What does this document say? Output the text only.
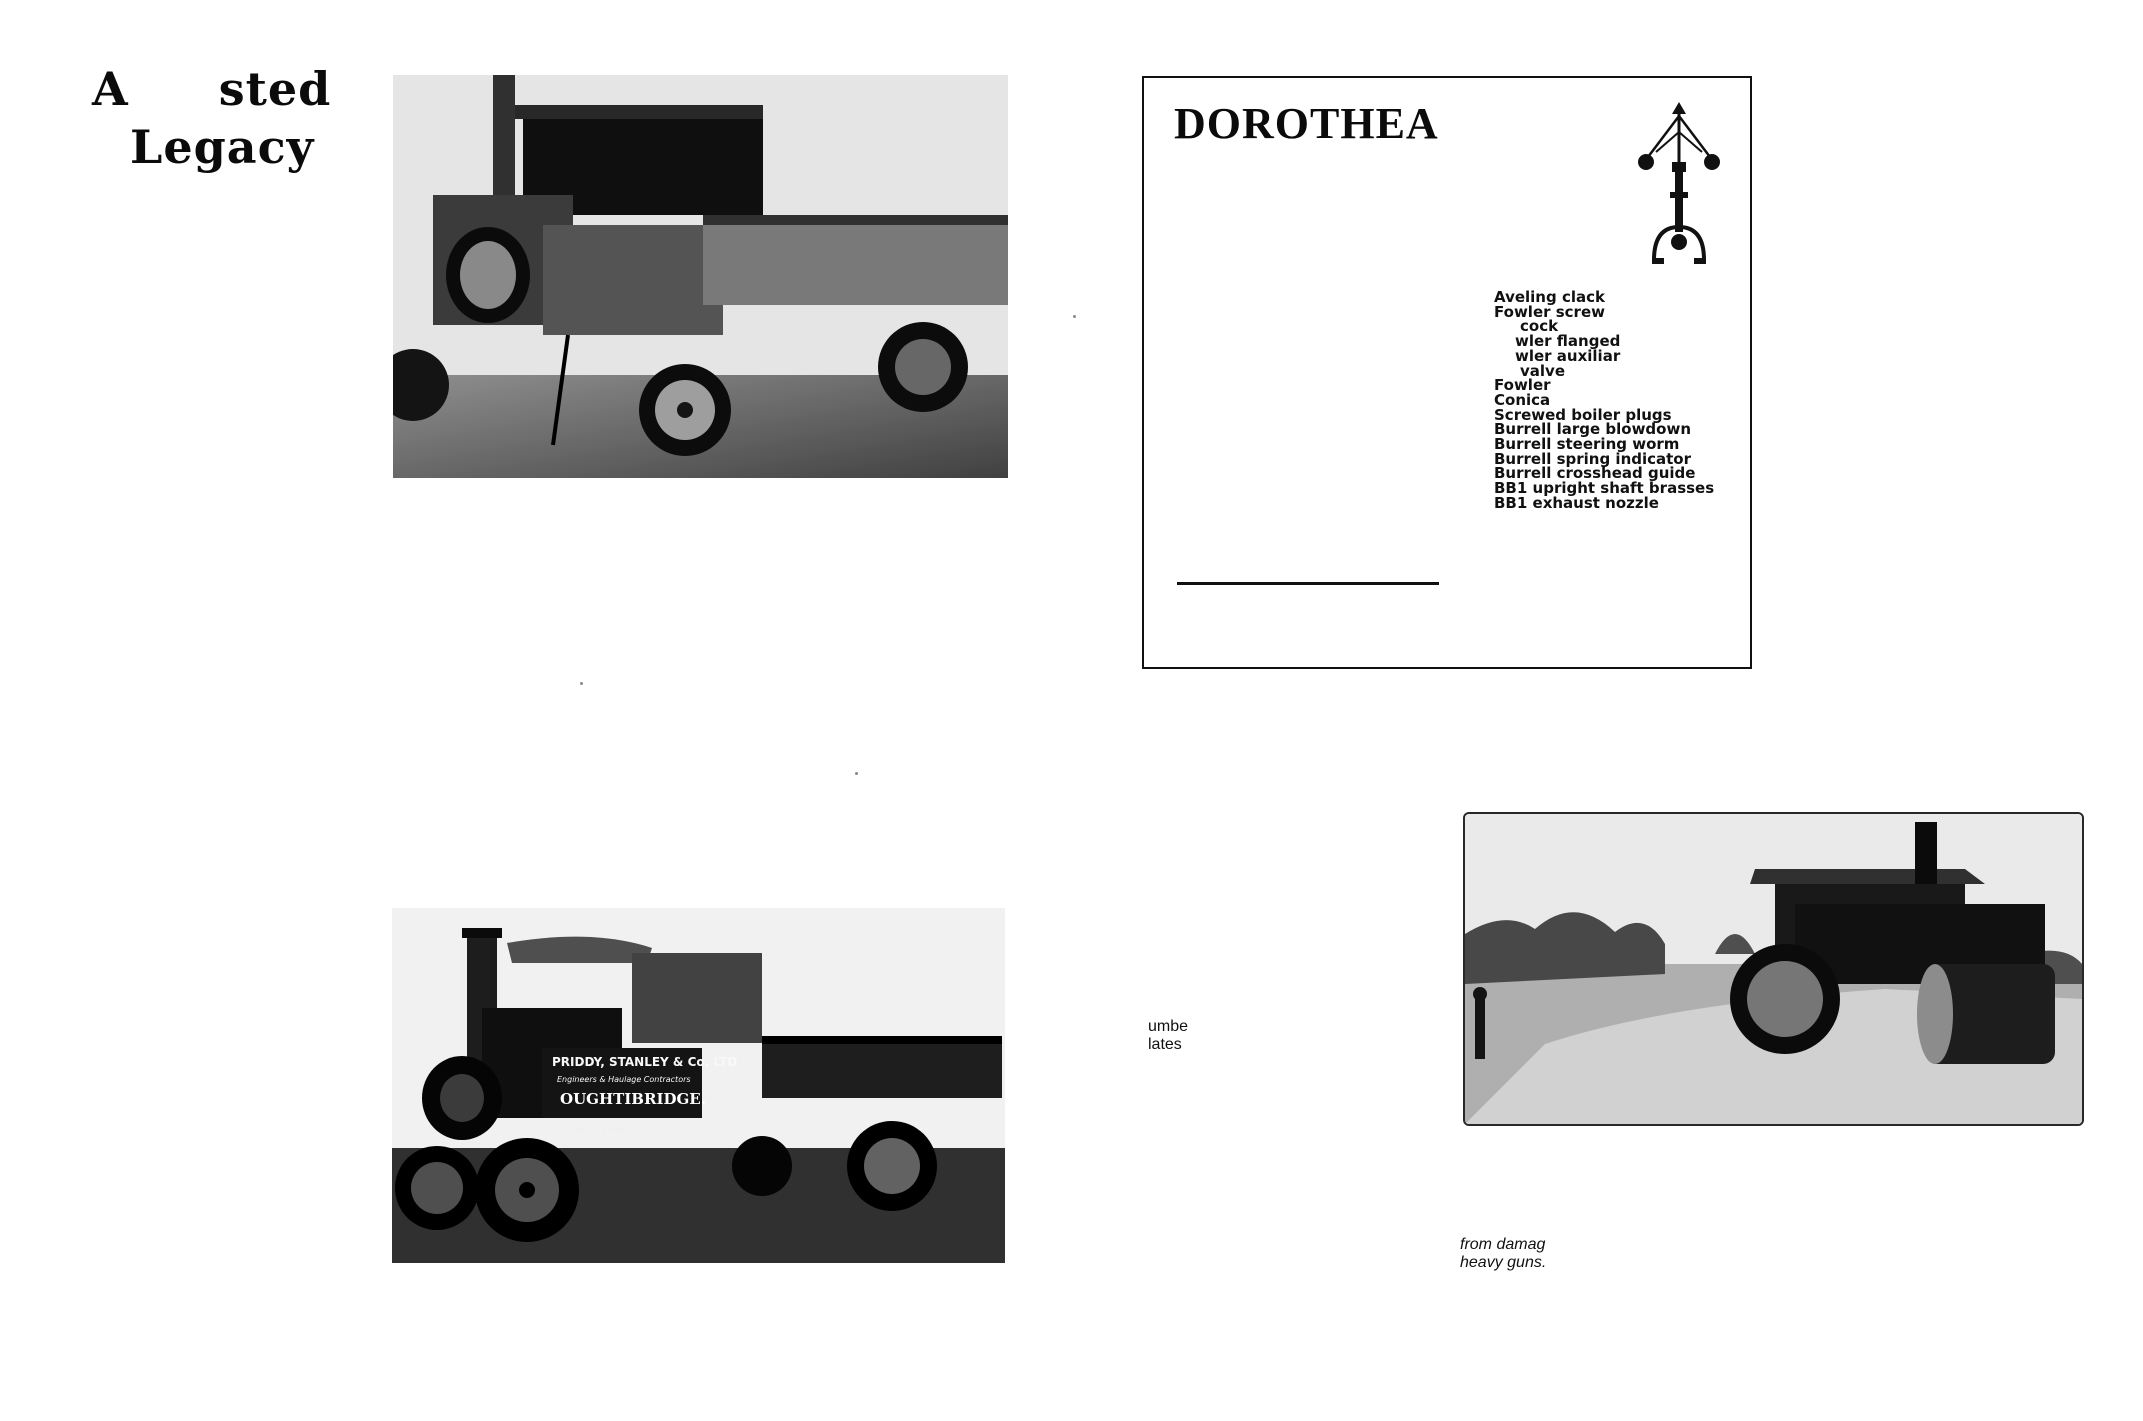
A sted
Legacy	DOROTHEA
Aveling clack
Fowler screw
cock
wler flanged
wler auxiliar
valve
Fowler
Conica
Screwed boiler plugs
Burrell large blowdown
Burrell steering worm
Burrell spring indicator
Burrell crosshead guide
BB1 upright shaft brasses
BB1 exhaust nozzle
PRIDDY, STANLEY & Co. LTD
Engineers & Haulage Contractors
OUGHTIBRIDGE.
SPEED 5 MPH.
umbe
lates
from damag
heavy guns.
